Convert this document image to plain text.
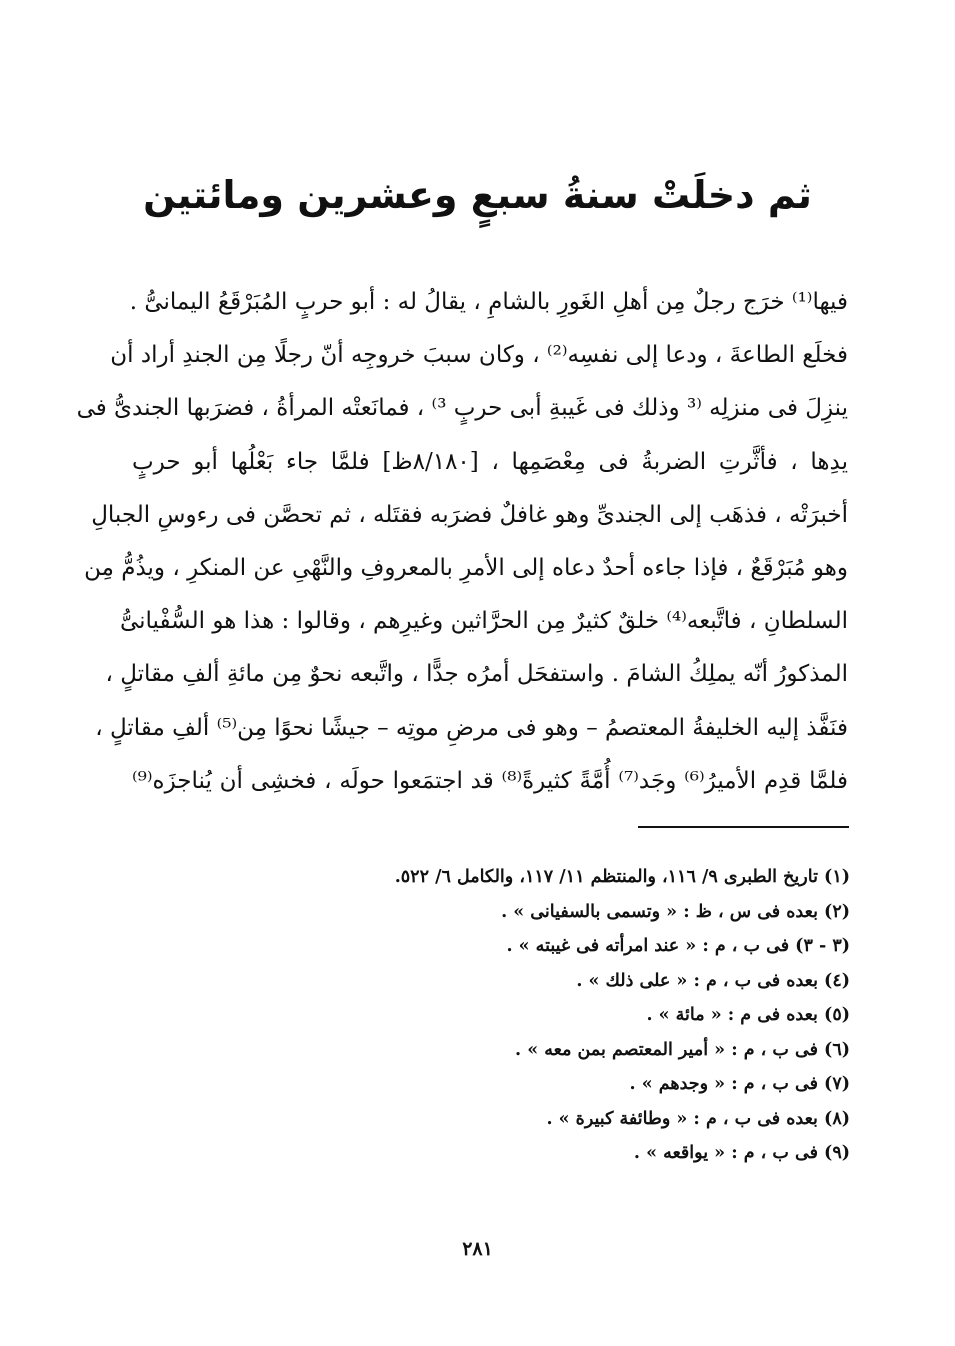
ثم دخلَتْ سنةُ سبعٍ وعشرين ومائتين
فيها⁽¹⁾ خرَج رجلٌ مِن أهلِ الغَورِ بالشامِ ، يقالُ له : أبو حربٍ المُبَرْقَعُ اليمانىُّ .
فخلَع الطاعةَ ، ودعا إلى نفسِه⁽²⁾ ، وكان سببَ خروجِه أنّ رجلًا مِن الجندِ أراد أن
ينزِلَ فى منزلِه ⁽³ وذلك فى غَيبةِ أبى حربٍ ³⁾ ، فمانَعتْه المرأةُ ، فضرَبها الجندىُّ فى
يدِها ، فأثَّرتِ الضربةُ فى مِعْصَمِها ، [٨/١٨٠ظ] فلمَّا جاء بَعْلُها أبو حربٍ
أخبرَتْه ، فذهَب إلى الجندىِّ وهو غافلٌ فضرَبه فقتَله ، ثم تحصَّن فى رءوسِ الجبالِ
وهو مُبَرْقَعٌ ، فإذا جاءه أحدٌ دعاه إلى الأمرِ بالمعروفِ والنَّهْىِ عن المنكرِ ، ويذُمُّ مِن
السلطانِ ، فاتَّبعه⁽⁴⁾ خلقٌ كثيرٌ مِن الحرَّاثين وغيرِهم ، وقالوا : هذا هو السُّفْيانىُّ
المذكورُ أنّه يملِكُ الشامَ . واستفحَل أمرُه جدًّا ، واتَّبعه نحوٌ مِن مائةِ ألفِ مقاتلٍ ،
فنَفَّذ إليه الخليفةُ المعتصمُ – وهو فى مرضِ موتِه – جيشًا نحوًا مِن⁽⁵⁾ ألفِ مقاتلٍ ،
فلمَّا قدِم الأميرُ⁽⁶⁾ وجَد⁽⁷⁾ أُمَّةً كثيرةً⁽⁸⁾ قد اجتمَعوا حولَه ، فخشِى أن يُناجزَه⁽⁹⁾
(١) تاريخ الطبرى ٩/ ١١٦، والمنتظم ١١/ ١١٧، والكامل ٦/ ٥٢٢.
(٢) بعده فى س ، ظ : « وتسمى بالسفيانى » .
(٣ - ٣) فى ب ، م : « عند امرأته فى غيبته » .
(٤) بعده فى ب ، م : « على ذلك » .
(٥) بعده فى م : « مائة » .
(٦) فى ب ، م : « أمير المعتصم بمن معه » .
(٧) فى ب ، م : « وجدهم » .
(٨) بعده فى ب ، م : « وطائفة كبيرة » .
(٩) فى ب ، م : « يواقعه » .
٢٨١
